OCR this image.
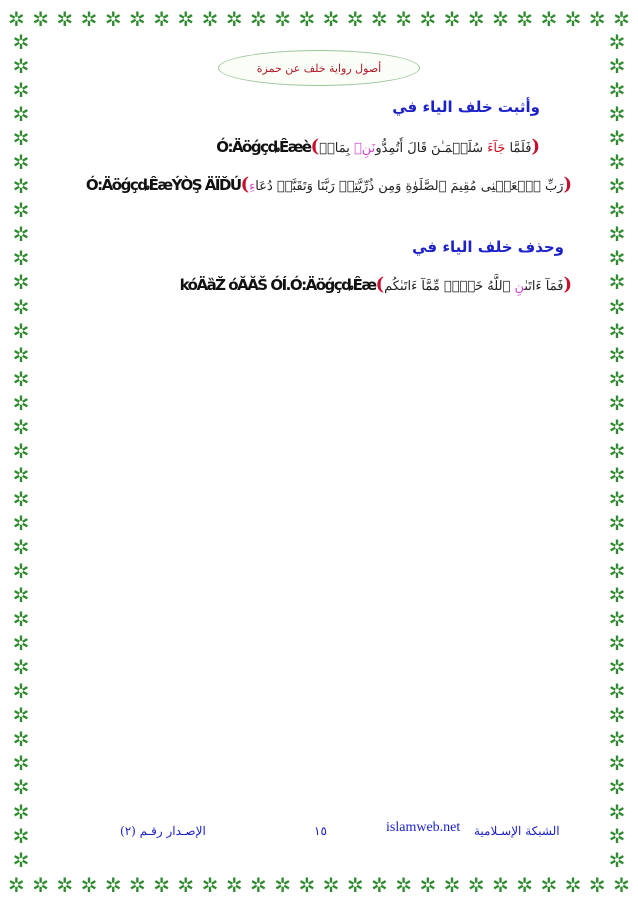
✲ ✲ ✲ ✲ ✲ ✲ ✲ ✲ ✲ ✲ ✲ ✲ ✲ ✲ ✲ ✲ ✲ ✲ ✲ ✲ ✲ ✲ ✲ ✲ ✲ ✲
✲ ✲ ✲ ✲ ✲ ✲ ✲ ✲ ✲ ✲ ✲ ✲ ✲ ✲ ✲ ✲ ✲ ✲ ✲ ✲ ✲ ✲ ✲ ✲ ✲ ✲
✲
✲
✲
✲
✲
✲
✲
✲
✲
✲
✲
✲
✲
✲
✲
✲
✲
✲
✲
✲
✲
✲
✲
✲
✲
✲
✲
✲
✲
✲
✲
✲
✲
✲
✲
✲
✲
✲
✲
✲
✲
✲
✲
✲
✲
✲
✲
✲
✲
✲
✲
✲
✲
✲
✲
✲
✲
✲
✲
✲
✲
✲
✲
✲
✲
✲
✲
✲
✲
✲
أصول رواية خلف عن حمزة
وأثبت خلف الياء في
(فَلَمَّا جَآءَ سُلَيۡمَـٰنَ قَالَ أَتُمِدُّونَنِۦ بِمَالࣲ)Ó:ÄӧǵçȡÊæè
(رَبِّ ٱجۡعَلۡنِی مُقِیمَ ٱلصَّلَوٰةِ وَمِن ذُرِّیَّتِیۚ رَبَّنَا وَتَقَبَّلۡ دُعَاءِ)Ó:ÄӧǵçȡÊæÝÒŞ ÄÏĎÚ
وحذف خلف الياء في
(فَمَآ ءَاتَىٰنِ ٱللَّهُ خَیۡرࣱ مِّمَّآ ءَاتَىٰكُم)kóÄȁŽ óĂĂŠ ÓÍ.Ó:ÄӧǵçȡÊæ
الإصـدار رقـم (٢)	١٥	islamweb.net الشبكة الإسـلامية
